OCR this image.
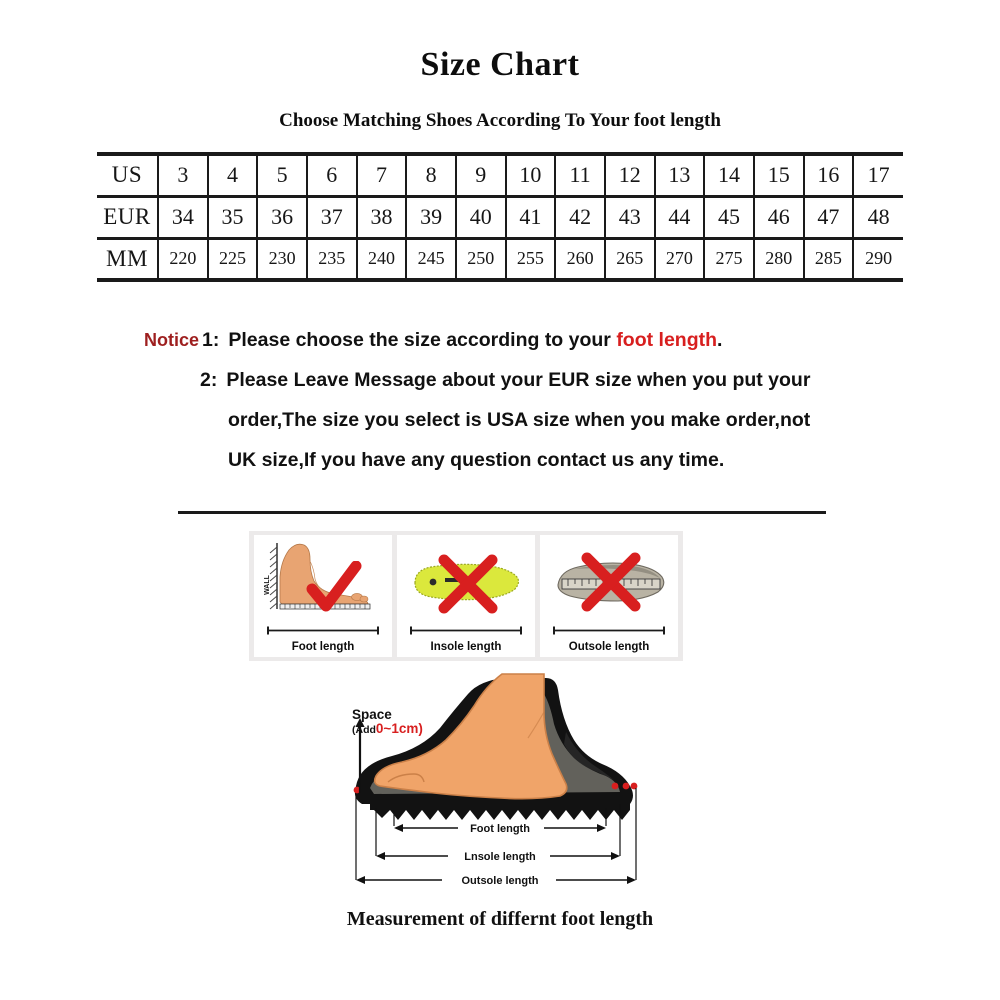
Size Chart
Choose Matching Shoes According To Your foot length
US	3	4	5	6	7	8	9	10	11	12	13	14	15	16	17
EUR	34	35	36	37	38	39	40	41	42	43	44	45	46	47	48
MM	220	225	230	235	240	245	250	255	260	265	270	275	280	285	290
Notice 1: Please choose the size according to your foot length.
2: Please Leave Message about your EUR size when you put your
order,The size you select is USA size when you make order,not
UK size,If you have any question contact us any time.
WALL
Foot length	Insole length	Outsole length
Foot length
Lnsole length
Outsole length
Space
(Add0~1cm)
Measurement of differnt foot length
